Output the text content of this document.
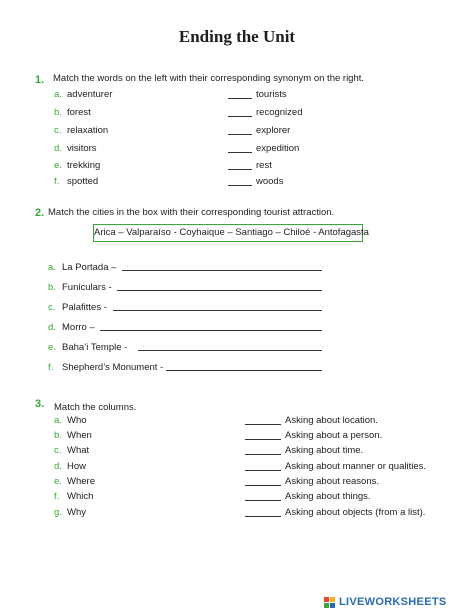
Ending the Unit
1. Match the words on the left with their corresponding synonym on the right.
a. adventurer
b. forest
c. relaxation
d. visitors
e. trekking
f. spotted
tourists
recognized
explorer
expedition
rest
woods
2. Match the cities in the box with their corresponding tourist attraction.
Arica – Valparaíso - Coyhaique – Santiago – Chiloé - Antofagasta
a. La Portada –
b. Funiculars -
c. Palafittes -
d. Morro –
e. Baha’i Temple -
f. Shepherd’s Monument -
3. Match the columns.
a. Who
b. When
c. What
d. How
e. Where
f. Which
g. Why
Asking about location.
Asking about a person.
Asking about time.
Asking about manner or qualities.
Asking about reasons.
Asking about things.
Asking about objects (from a list).
LIVEWORKSHEETS
